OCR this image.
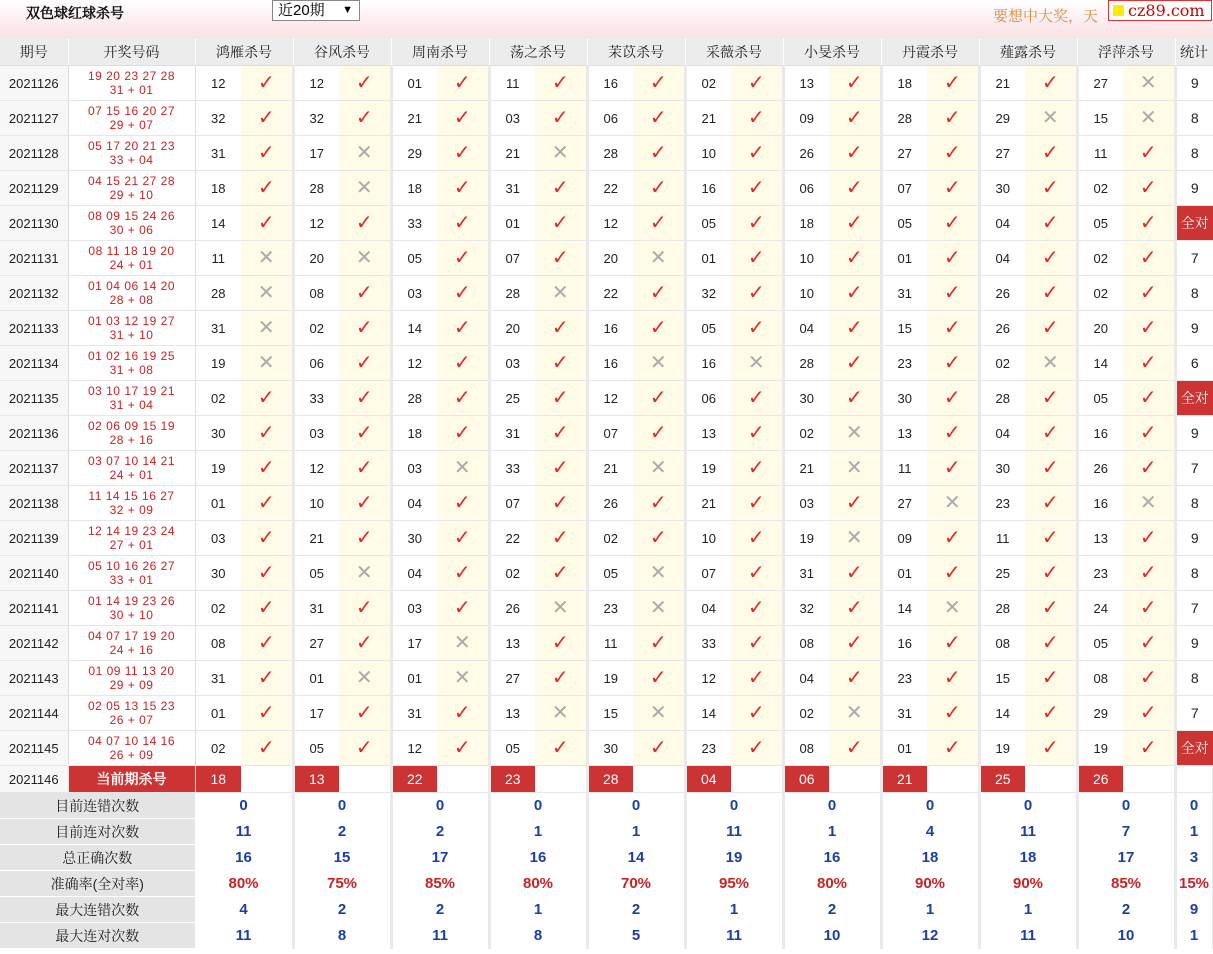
双色球红球杀号	近20期 ▼	要想中大奖，天	cz89.com
期号	开奖号码	鸿雁杀号		谷风杀号		周南杀号		荡之杀号		茉苡杀号		采薇杀号		小旻杀号		丹霞杀号		薤露杀号		浮萍杀号		统计
2021126	19 20 23 27 28
31 + 01	12	✓	12	✓	01	✓	11	✓	16	✓	02	✓	13	✓	18	✓	21	✓	27	✕	9
2021127	07 15 16 20 27
29 + 07	32	✓	32	✓	21	✓	03	✓	06	✓	21	✓	09	✓	28	✓	29	✕	15	✕	8
2021128	05 17 20 21 23
33 + 04	31	✓	17	✕	29	✓	21	✕	28	✓	10	✓	26	✓	27	✓	27	✓	11	✓	8
2021129	04 15 21 27 28
29 + 10	18	✓	28	✕	18	✓	31	✓	22	✓	16	✓	06	✓	07	✓	30	✓	02	✓	9
2021130	08 09 15 24 26
30 + 06	14	✓	12	✓	33	✓	01	✓	12	✓	05	✓	18	✓	05	✓	04	✓	05	✓	全对
2021131	08 11 18 19 20
24 + 01	11	✕	20	✕	05	✓	07	✓	20	✕	01	✓	10	✓	01	✓	04	✓	02	✓	7
2021132	01 04 06 14 20
28 + 08	28	✕	08	✓	03	✓	28	✕	22	✓	32	✓	10	✓	31	✓	26	✓	02	✓	8
2021133	01 03 12 19 27
31 + 10	31	✕	02	✓	14	✓	20	✓	16	✓	05	✓	04	✓	15	✓	26	✓	20	✓	9
2021134	01 02 16 19 25
31 + 08	19	✕	06	✓	12	✓	03	✓	16	✕	16	✕	28	✓	23	✓	02	✕	14	✓	6
2021135	03 10 17 19 21
31 + 04	02	✓	33	✓	28	✓	25	✓	12	✓	06	✓	30	✓	30	✓	28	✓	05	✓	全对
2021136	02 06 09 15 19
28 + 16	30	✓	03	✓	18	✓	31	✓	07	✓	13	✓	02	✕	13	✓	04	✓	16	✓	9
2021137	03 07 10 14 21
24 + 01	19	✓	12	✓	03	✕	33	✓	21	✕	19	✓	21	✕	11	✓	30	✓	26	✓	7
2021138	11 14 15 16 27
32 + 09	01	✓	10	✓	04	✓	07	✓	26	✓	21	✓	03	✓	27	✕	23	✓	16	✕	8
2021139	12 14 19 23 24
27 + 01	03	✓	21	✓	30	✓	22	✓	02	✓	10	✓	19	✕	09	✓	11	✓	13	✓	9
2021140	05 10 16 26 27
33 + 01	30	✓	05	✕	04	✓	02	✓	05	✕	07	✓	31	✓	01	✓	25	✓	23	✓	8
2021141	01 14 19 23 26
30 + 10	02	✓	31	✓	03	✓	26	✕	23	✕	04	✓	32	✓	14	✕	28	✓	24	✓	7
2021142	04 07 17 19 20
24 + 16	08	✓	27	✓	17	✕	13	✓	11	✓	33	✓	08	✓	16	✓	08	✓	05	✓	9
2021143	01 09 11 13 20
29 + 09	31	✓	01	✕	01	✕	27	✓	19	✓	12	✓	04	✓	23	✓	15	✓	08	✓	8
2021144	02 05 13 15 23
26 + 07	01	✓	17	✓	31	✓	13	✕	15	✕	14	✓	02	✕	31	✓	14	✓	29	✓	7
2021145	04 07 10 14 16
26 + 09	02	✓	05	✓	12	✓	05	✓	30	✓	23	✓	08	✓	01	✓	19	✓	19	✓	全对
2021146	当前期杀号	18		13		22		23		28		04		06		21		25		26		
目前连错次数		0		0		0		0		0		0		0		0		0		0		0
目前连对次数		11		2		2		1		1		11		1		4		11		7		1
总正确次数		16		15		17		16		14		19		16		18		18		17		3
准确率(全对率)		80%		75%		85%		80%		70%		95%		80%		90%		90%		85%		15%
最大连错次数		4		2		2		1		2		1		2		1		1		2		9
最大连对次数		11		8		11		8		5		11		10		12		11		10		1
